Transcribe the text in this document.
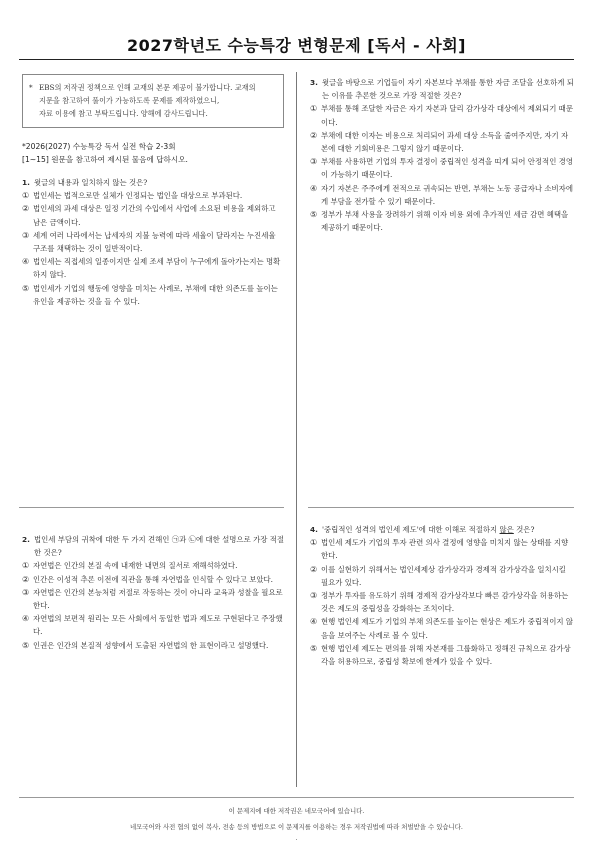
2027학년도 수능특강 변형문제 [독서 - 사회]
* EBS의 저작권 정책으로 인해 교재의 본문 제공이 불가합니다. 교재의

지문을 참고하여 풀이가 가능하도록 문제를 제작하였으니,

자료 이용에 참고 부탁드립니다. 양해에 감사드립니다.

*2026(2027) 수능특강 독서 실전 학습 2-3회
[1~15] 원문을 참고하여 제시된 물음에 답하시오.
1. 윗글의 내용과 일치하지 않는 것은?
① 법인세는 법적으로만 실체가 인정되는 법인을 대상으로 부과된다.
② 법인세의 과세 대상은 일정 기간의 수입에서 사업에 소요된 비용을 제외하고 남은 금액이다.
③ 세계 여러 나라에서는 납세자의 지불 능력에 따라 세율이 달라지는 누진세율 구조를 채택하는 것이 일반적이다.
④ 법인세는 직접세의 일종이지만 실제 조세 부담이 누구에게 돌아가는지는 명확하지 않다.
⑤ 법인세가 기업의 행동에 영향을 미치는 사례로, 부채에 대한 의존도를 높이는 유인을 제공하는 것을 들 수 있다.
3. 윗글을 바탕으로 기업들이 자기 자본보다 부채를 통한 자금 조달을 선호하게 되는 이유를 추론한 것으로 가장 적절한 것은?
① 부채를 통해 조달한 자금은 자기 자본과 달리 감가상각 대상에서 제외되기 때문이다.
② 부채에 대한 이자는 비용으로 처리되어 과세 대상 소득을 줄여주지만, 자기 자본에 대한 기회비용은 그렇지 않기 때문이다.
③ 부채를 사용하면 기업의 투자 결정이 중립적인 성격을 띠게 되어 안정적인 경영이 가능하기 때문이다.
④ 자기 자본은 주주에게 전적으로 귀속되는 반면, 부채는 노동 공급자나 소비자에게 부담을 전가할 수 있기 때문이다.
⑤ 정부가 부채 사용을 장려하기 위해 이자 비용 외에 추가적인 세금 감면 혜택을 제공하기 때문이다.
2. 법인세 부담의 귀착에 대한 두 가지 견해인 ㉠과 ㉡에 대한 설명으로 가장 적절한 것은?
① 자연법은 인간의 본질 속에 내재한 내면의 질서로 재해석하였다.
② 인간은 이성적 추론 이전에 직관을 통해 자연법을 인식할 수 있다고 보았다.
③ 자연법은 인간의 본능처럼 저절로 작동하는 것이 아니라 교육과 성찰을 필요로 한다.
④ 자연법의 보편적 원리는 모든 사회에서 동일한 법과 제도로 구현된다고 주장했다.
⑤ 인권은 인간의 본질적 성향에서 도출된 자연법의 한 표현이라고 설명했다.
4. '중립적인 성격의 법인세 제도'에 대한 이해로 적절하지 않은 것은?
① 법인세 제도가 기업의 투자 관련 의사 결정에 영향을 미치지 않는 상태를 지향한다.
② 이를 실현하기 위해서는 법인세제상 감가상각과 경제적 감가상각을 일치시킬 필요가 있다.
③ 정부가 투자를 유도하기 위해 경제적 감가상각보다 빠른 감가상각을 허용하는 것은 제도의 중립성을 강화하는 조치이다.
④ 현행 법인세 제도가 기업의 부채 의존도를 높이는 현상은 제도가 중립적이지 않음을 보여주는 사례로 볼 수 있다.
⑤ 현행 법인세 제도는 편의를 위해 자본재를 그룹화하고 정해진 규칙으로 감가상각을 허용하므로, 중립성 확보에 한계가 있을 수 있다.
이 문제지에 대한 저작권은 네모국어에 있습니다.
네모국어와 사전 협의 없이 복사, 전송 등의 방법으로 이 문제지를 이용하는 경우 저작권법에 따라 처벌받을 수 있습니다.
.
